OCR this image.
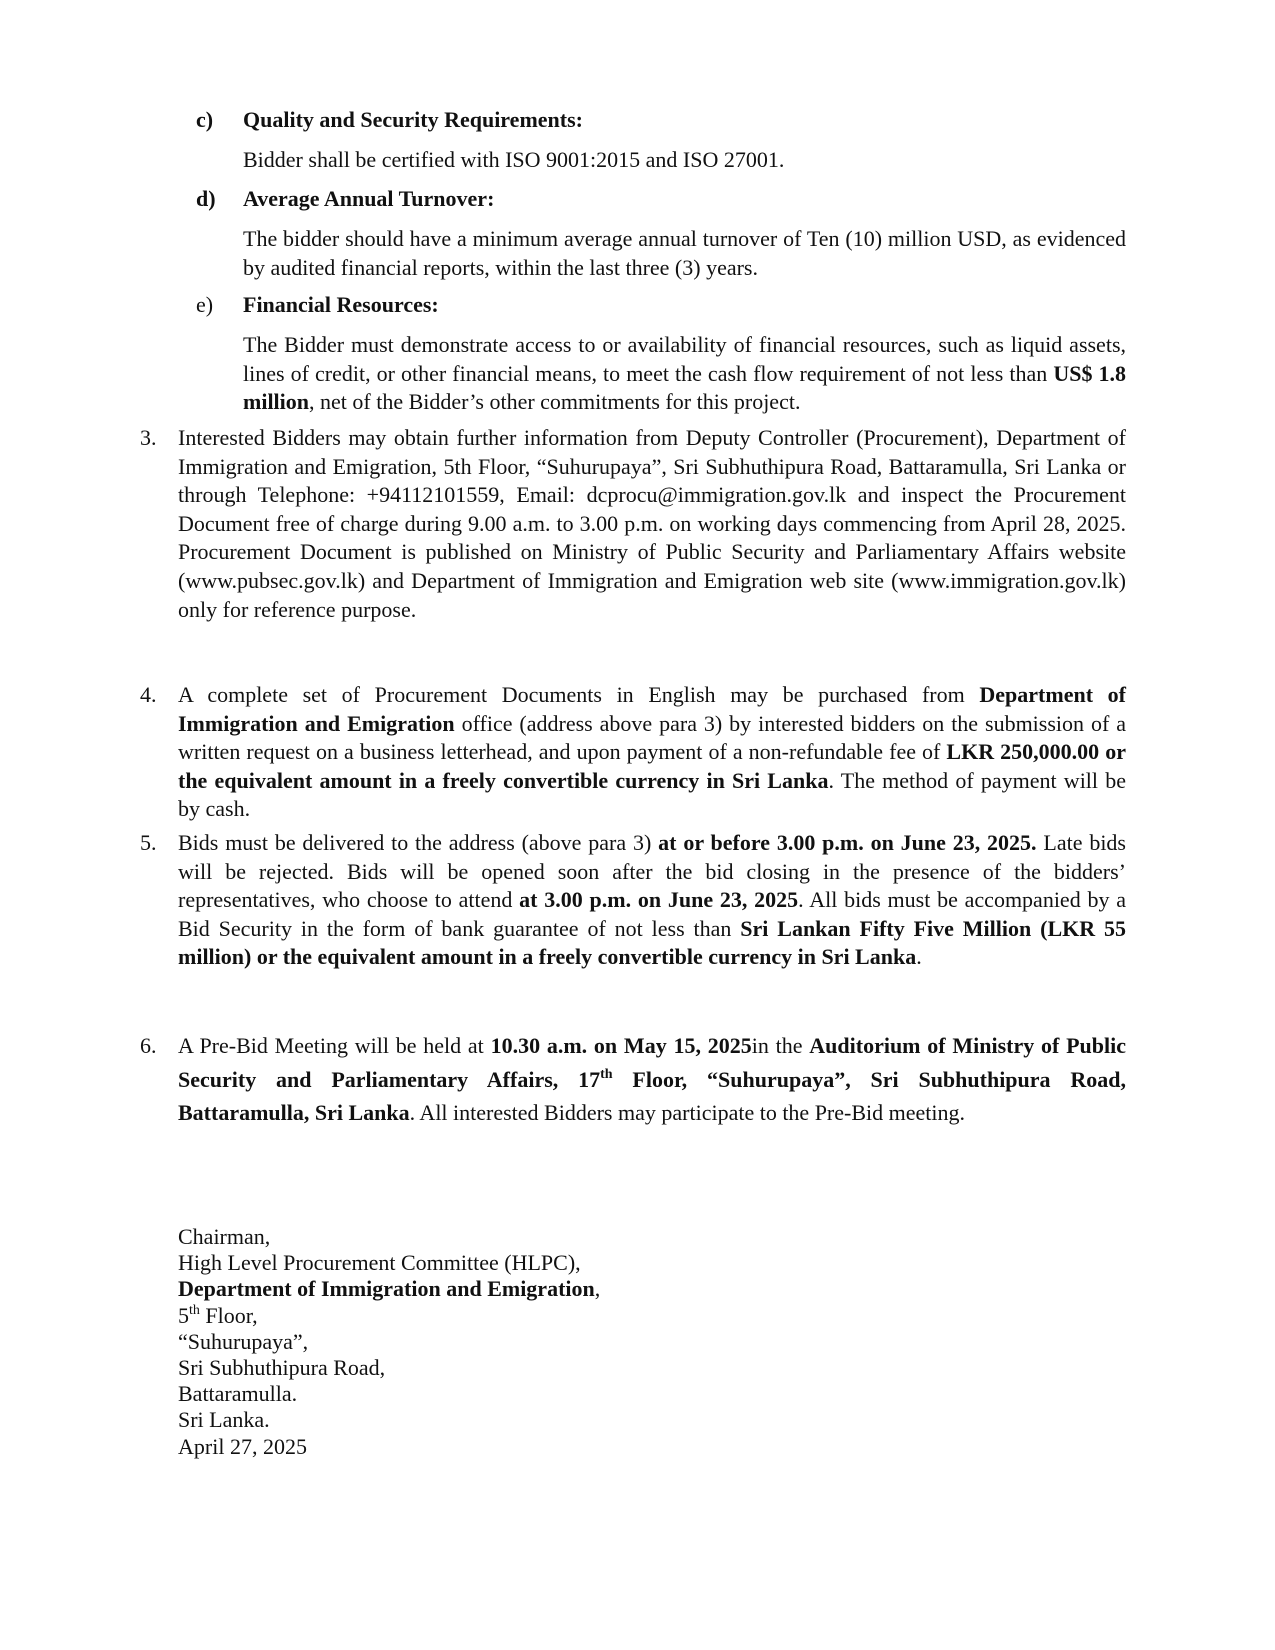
c)	Quality and Security Requirements:
Bidder shall be certified with ISO 9001:2015 and ISO 27001.
d)	Average Annual Turnover:
The bidder should have a minimum average annual turnover of Ten (10) million USD, as evidenced by audited financial reports, within the last three (3) years.
e)	Financial Resources:
The Bidder must demonstrate access to or availability of financial resources, such as liquid assets, lines of credit, or other financial means, to meet the cash flow requirement of not less than US$ 1.8 million, net of the Bidder’s other commitments for this project.
3. Interested Bidders may obtain further information from Deputy Controller (Procurement), Department of Immigration and Emigration, 5th Floor, “Suhurupaya”, Sri Subhuthipura Road, Battaramulla, Sri Lanka or through Telephone: +94112101559, Email: dcprocu@immigration.gov.lk and inspect the Procurement Document free of charge during 9.00 a.m. to 3.00 p.m. on working days commencing from April 28, 2025. Procurement Document is published on Ministry of Public Security and Parliamentary Affairs website (www.pubsec.gov.lk) and Department of Immigration and Emigration web site (www.immigration.gov.lk) only for reference purpose.
4. A complete set of Procurement Documents in English may be purchased from Department of Immigration and Emigration office (address above para 3) by interested bidders on the submission of a written request on a business letterhead, and upon payment of a non-refundable fee of LKR 250,000.00 or the equivalent amount in a freely convertible currency in Sri Lanka. The method of payment will be by cash.
5. Bids must be delivered to the address (above para 3) at or before 3.00 p.m. on June 23, 2025. Late bids will be rejected. Bids will be opened soon after the bid closing in the presence of the bidders’ representatives, who choose to attend at 3.00 p.m. on June 23, 2025. All bids must be accompanied by a Bid Security in the form of bank guarantee of not less than Sri Lankan Fifty Five Million (LKR 55 million) or the equivalent amount in a freely convertible currency in Sri Lanka.
6. A Pre-Bid Meeting will be held at 10.30 a.m. on May 15, 2025in the Auditorium of Ministry of Public Security and Parliamentary Affairs, 17th Floor, “Suhurupaya”, Sri Subhuthipura Road, Battaramulla, Sri Lanka. All interested Bidders may participate to the Pre-Bid meeting.
Chairman,
High Level Procurement Committee (HLPC),
Department of Immigration and Emigration,
5th Floor,
“Suhurupaya”,
Sri Subhuthipura Road,
Battaramulla.
Sri Lanka.
April 27, 2025
